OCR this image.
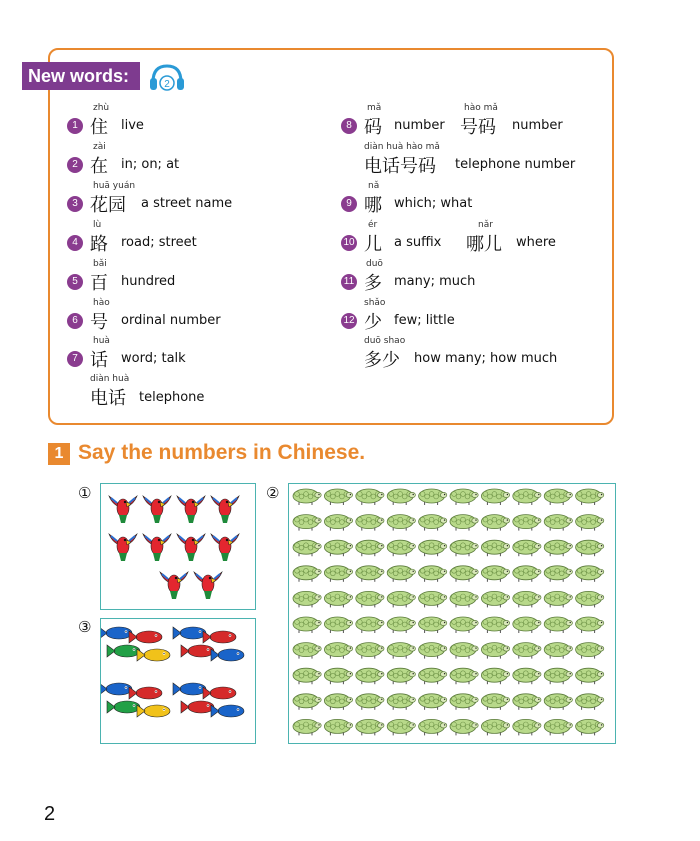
New words:	2
1
zhù
住 live
2
zài
在 in; on; at
3
huā yuán
花园 a street name
4
lù
路 road; street
5
bǎi
百 hundred
6
hào
号 ordinal number
7
huà
话 word; talk
diàn huà
电话 telephone
8
mǎ
码 number
hào mǎ
号码 number
diàn huà hào mǎ
电话号码 telephone number
9
nǎ
哪 which; what
10
ér
儿 a suffix
nǎr
哪儿 where
11
duō
多 many; much
12
shǎo
少 few; little
duō shao
多少 how many; how much
1 Say the numbers in Chinese.
①	②
③
2
